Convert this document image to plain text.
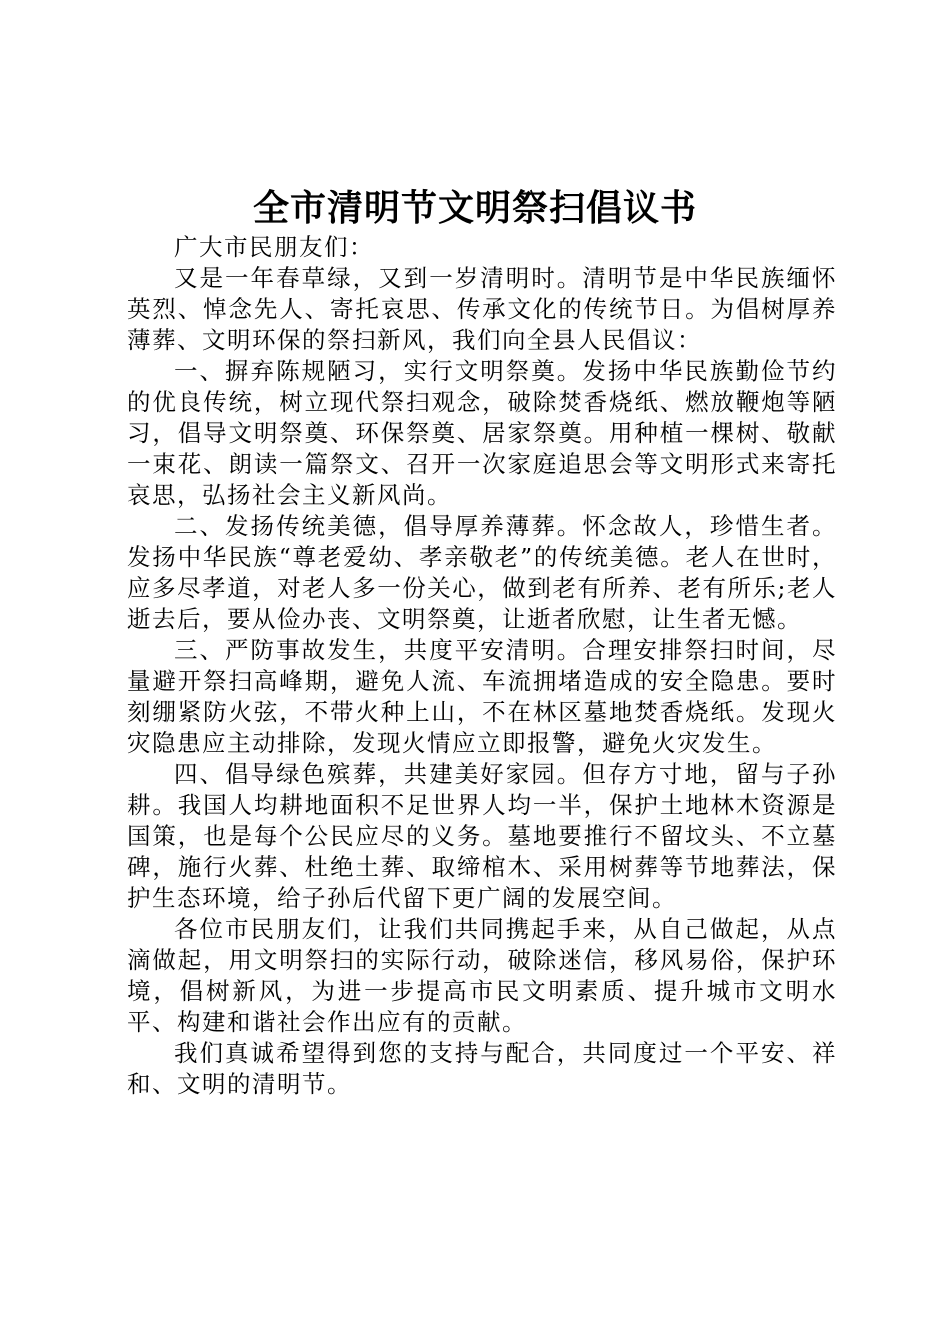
全市清明节文明祭扫倡议书

广大市民朋友们：

又是一年春草绿，又到一岁清明时。清明节是中华民族缅怀英烈、悼念先人、寄托哀思、传承文化的传统节日。为倡树厚养薄葬、文明环保的祭扫新风，我们向全县人民倡议：

一、摒弃陈规陋习，实行文明祭奠。发扬中华民族勤俭节约的优良传统，树立现代祭扫观念，破除焚香烧纸、燃放鞭炮等陋习，倡导文明祭奠、环保祭奠、居家祭奠。用种植一棵树、敬献一束花、朗读一篇祭文、召开一次家庭追思会等文明形式来寄托哀思，弘扬社会主义新风尚。

二、发扬传统美德，倡导厚养薄葬。怀念故人，珍惜生者。发扬中华民族“尊老爱幼、孝亲敬老”的传统美德。老人在世时，应多尽孝道，对老人多一份关心，做到老有所养、老有所乐;老人逝去后，要从俭办丧、文明祭奠，让逝者欣慰，让生者无憾。

三、严防事故发生，共度平安清明。合理安排祭扫时间，尽量避开祭扫高峰期，避免人流、车流拥堵造成的安全隐患。要时刻绷紧防火弦，不带火种上山，不在林区墓地焚香烧纸。发现火灾隐患应主动排除，发现火情应立即报警，避免火灾发生。

四、倡导绿色殡葬，共建美好家园。但存方寸地，留与子孙耕。我国人均耕地面积不足世界人均一半，保护土地林木资源是国策，也是每个公民应尽的义务。墓地要推行不留坟头、不立墓碑，施行火葬、杜绝土葬、取缔棺木、采用树葬等节地葬法，保护生态环境，给子孙后代留下更广阔的发展空间。

各位市民朋友们，让我们共同携起手来，从自己做起，从点滴做起，用文明祭扫的实际行动，破除迷信，移风易俗，保护环境，倡树新风，为进一步提高市民文明素质、提升城市文明水平、构建和谐社会作出应有的贡献。

我们真诚希望得到您的支持与配合，共同度过一个平安、祥和、文明的清明节。
